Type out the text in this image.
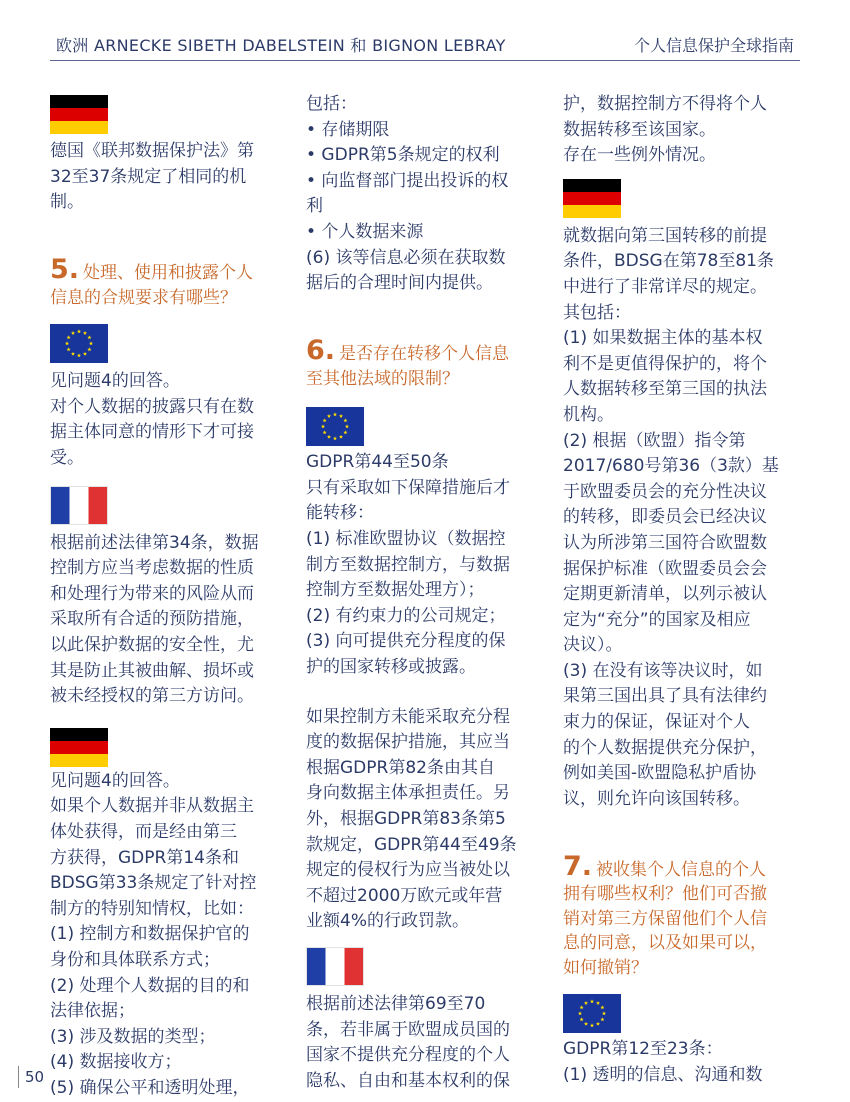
欧洲 ARNECKE SIBETH DABELSTEIN 和 BIGNON LEBRAY	个人信息保护全球指南

德国《联邦数据保护法》第
32至37条规定了相同的机
制。

5. 处理、使用和披露个人
信息的合规要求有哪些？

见问题4的回答。
对个人数据的披露只有在数
据主体同意的情形下才可接
受。

根据前述法律第34条，数据
控制方应当考虑数据的性质
和处理行为带来的风险从而
采取所有合适的预防措施，
以此保护数据的安全性，尤
其是防止其被曲解、损坏或
被未经授权的第三方访问。

见问题4的回答。
如果个人数据并非从数据主
体处获得，而是经由第三
方获得，GDPR第14条和
BDSG第33条规定了针对控
制方的特别知情权，比如：
(1) 控制方和数据保护官的
身份和具体联系方式；
(2) 处理个人数据的目的和
法律依据；
(3) 涉及数据的类型；
(4) 数据接收方；
(5) 确保公平和透明处理，

包括：
• 存储期限
• GDPR第5条规定的权利
• 向监督部门提出投诉的权
利
• 个人数据来源
(6) 该等信息必须在获取数
据后的合理时间内提供。

6. 是否存在转移个人信息
至其他法域的限制？

GDPR第44至50条
只有采取如下保障措施后才
能转移：
(1) 标准欧盟协议（数据控
制方至数据控制方，与数据
控制方至数据处理方）；
(2) 有约束力的公司规定；
(3) 向可提供充分程度的保
护的国家转移或披露。

如果控制方未能采取充分程
度的数据保护措施，其应当
根据GDPR第82条由其自
身向数据主体承担责任。另
外，根据GDPR第83条第5
款规定，GDPR第44至49条
规定的侵权行为应当被处以
不超过2000万欧元或年营
业额4%的行政罚款。

根据前述法律第69至70
条，若非属于欧盟成员国的
国家不提供充分程度的个人
隐私、自由和基本权利的保

护，数据控制方不得将个人
数据转移至该国家。
存在一些例外情况。

就数据向第三国转移的前提
条件，BDSG在第78至81条
中进行了非常详尽的规定。
其包括：
(1) 如果数据主体的基本权
利不是更值得保护的，将个
人数据转移至第三国的执法
机构。
(2) 根据（欧盟）指令第
2017/680号第36（3款）基
于欧盟委员会的充分性决议
的转移，即委员会已经决议
认为所涉第三国符合欧盟数
据保护标准（欧盟委员会会
定期更新清单，以列示被认
定为“充分”的国家及相应
决议）。
(3) 在没有该等决议时，如
果第三国出具了具有法律约
束力的保证，保证对个人
的个人数据提供充分保护，
例如美国-欧盟隐私护盾协
议，则允许向该国转移。

7. 被收集个人信息的个人
拥有哪些权利？他们可否撤
销对第三方保留他们个人信
息的同意，以及如果可以，
如何撤销？

GDPR第12至23条：
(1) 透明的信息、沟通和数

50
